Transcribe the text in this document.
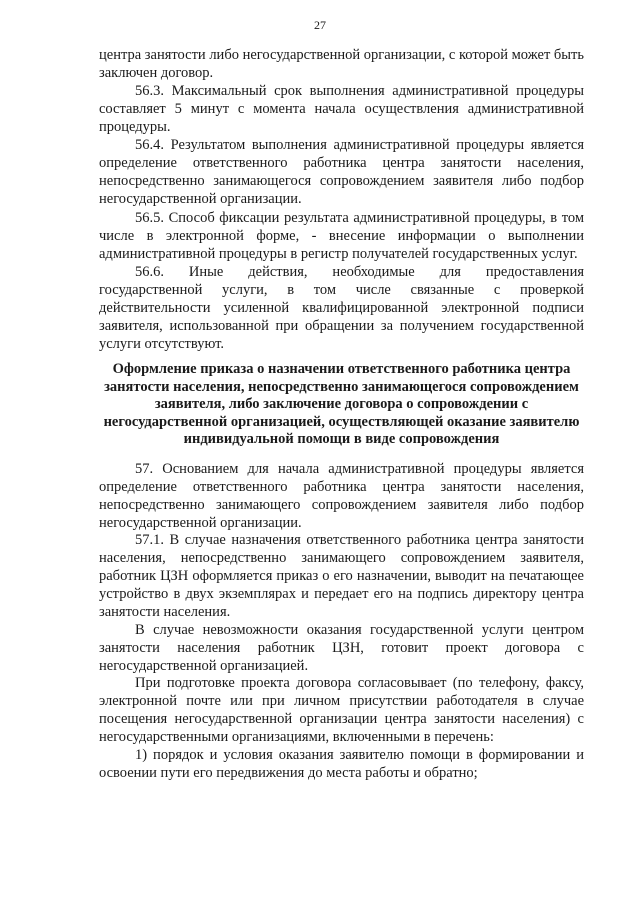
27

центра занятости либо негосударственной организации, с которой может быть заключен договор.

56.3. Максимальный срок выполнения административной процедуры составляет 5 минут с момента начала осуществления административной процедуры.

56.4. Результатом выполнения административной процедуры является определение ответственного работника центра занятости населения, непосредственно занимающегося сопровождением заявителя либо подбор негосударственной организации.

56.5. Способ фиксации результата административной процедуры, в том числе в электронной форме, - внесение информации о выполнении административной процедуры в регистр получателей государственных услуг.

56.6. Иные действия, необходимые для предоставления государственной услуги, в том числе связанные с проверкой действительности усиленной квалифицированной электронной подписи заявителя, использованной при обращении за получением государственной услуги отсутствуют.

Оформление приказа о назначении ответственного работника центра занятости населения, непосредственно занимающегося сопровождением заявителя, либо заключение договора о сопровождении с негосударственной организацией, осуществляющей оказание заявителю индивидуальной помощи в виде сопровождения

57. Основанием для начала административной процедуры является определение ответственного работника центра занятости населения, непосредственно занимающего сопровождением заявителя либо подбор негосударственной организации.

57.1. В случае назначения ответственного работника центра занятости населения, непосредственно занимающего сопровождением заявителя, работник ЦЗН оформляется приказ о его назначении, выводит на печатающее устройство в двух экземплярах и передает его на подпись директору центра занятости населения.

В случае невозможности оказания государственной услуги центром занятости населения работник ЦЗН, готовит проект договора с негосударственной организацией.

При подготовке проекта договора согласовывает (по телефону, факсу, электронной почте или при личном присутствии работодателя в случае посещения негосударственной организации центра занятости населения) с негосударственными организациями, включенными в перечень:

1) порядок и условия оказания заявителю помощи в формировании и освоении пути его передвижения до места работы и обратно;
